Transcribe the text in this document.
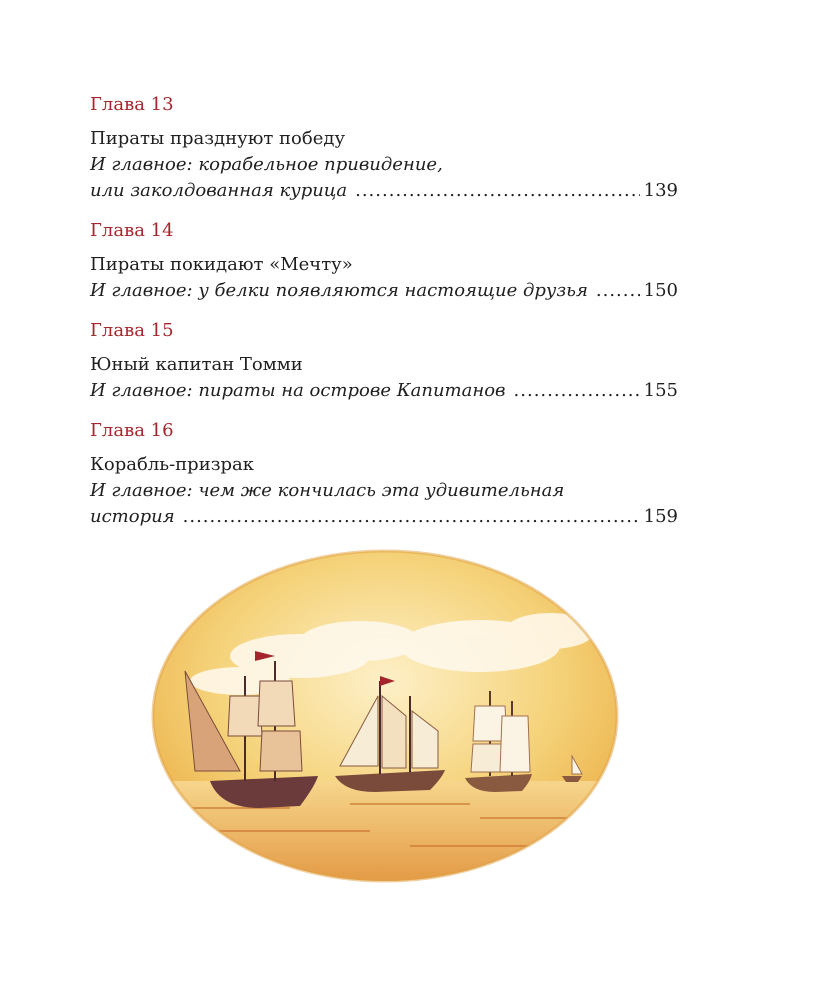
Глава 13
Пираты празднуют победу
И главное: корабельное привидение,
или заколдованная курица .....	139
Глава 14
Пираты покидают «Мечту»
И главное: у белки появляются настоящие друзья .....	150
Глава 15
Юный капитан Томми
И главное: пираты на острове Капитанов .....	155
Глава 16
Корабль-призрак
И главное: чем же кончилась эта удивительная
история .....	159
